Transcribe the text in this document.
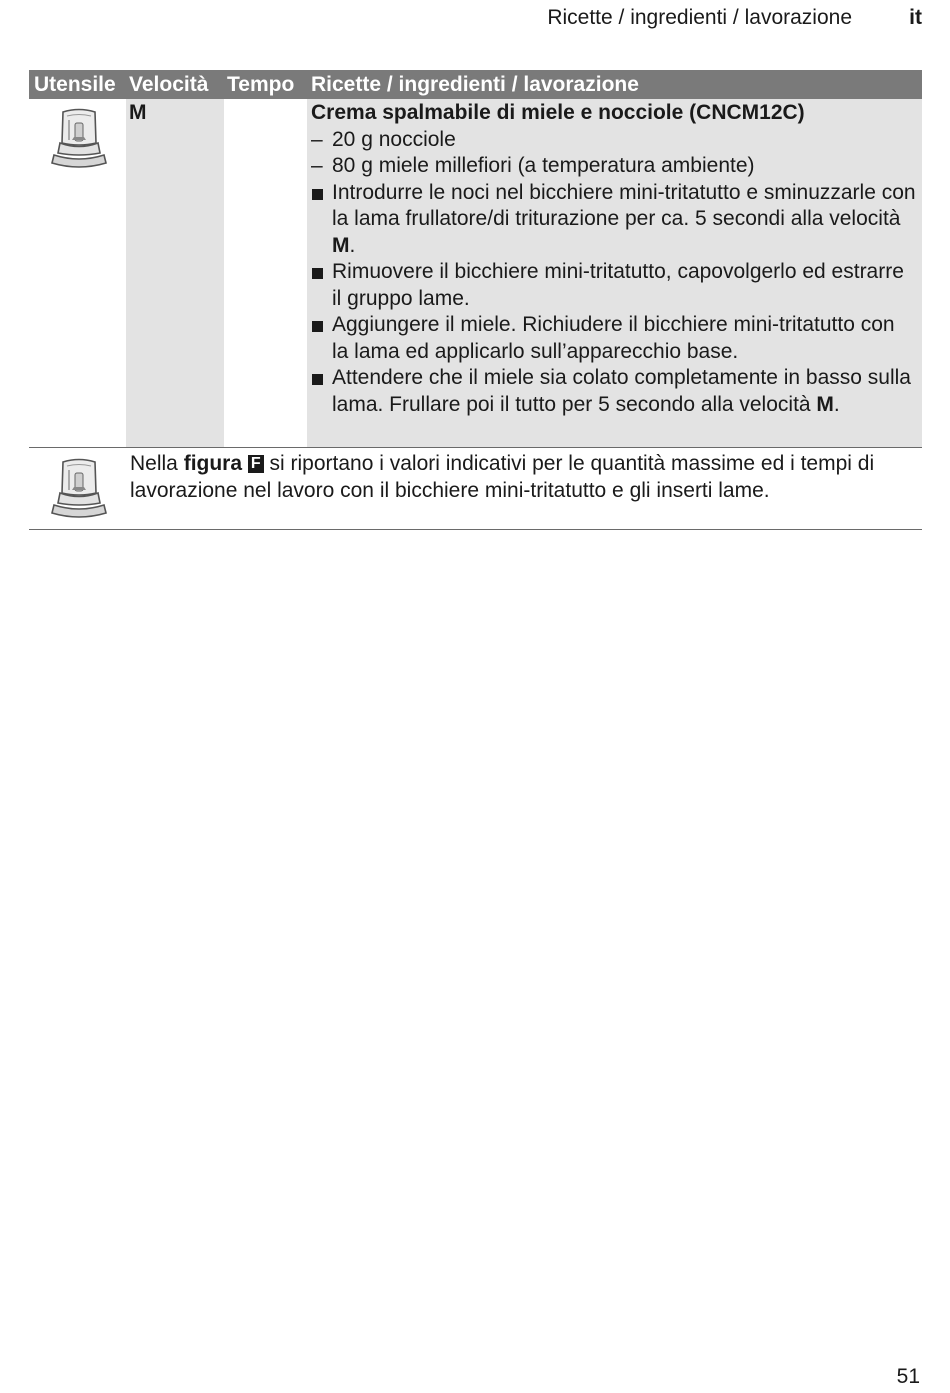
Ricette / ingredienti / lavorazione	it
Utensile Velocità Tempo Ricette / ingredienti / lavorazione
M	Crema spalmabile di miele e nocciole (CNCM12C)
– 20 g nocciole
– 80 g miele millefiori (a temperatura ambiente)
Introdurre le noci nel bicchiere mini-tritatutto e sminuzzarle con la lama frullatore/di triturazione per ca. 5 secondi alla velocità M.
Rimuovere il bicchiere mini-tritatutto, capovolgerlo ed estrarre il gruppo lame.
Aggiungere il miele. Richiudere il bicchiere mini-tritatutto con la lama ed applicarlo sull’apparecchio base.
Attendere che il miele sia colato completamente in basso sulla lama. Frullare poi il tutto per 5 secondo alla velocità M.
Nella figura F si riportano i valori indicativi per le quantità massime ed i tempi di lavorazione nel lavoro con il bicchiere mini-tritatutto e gli inserti lame.
51
